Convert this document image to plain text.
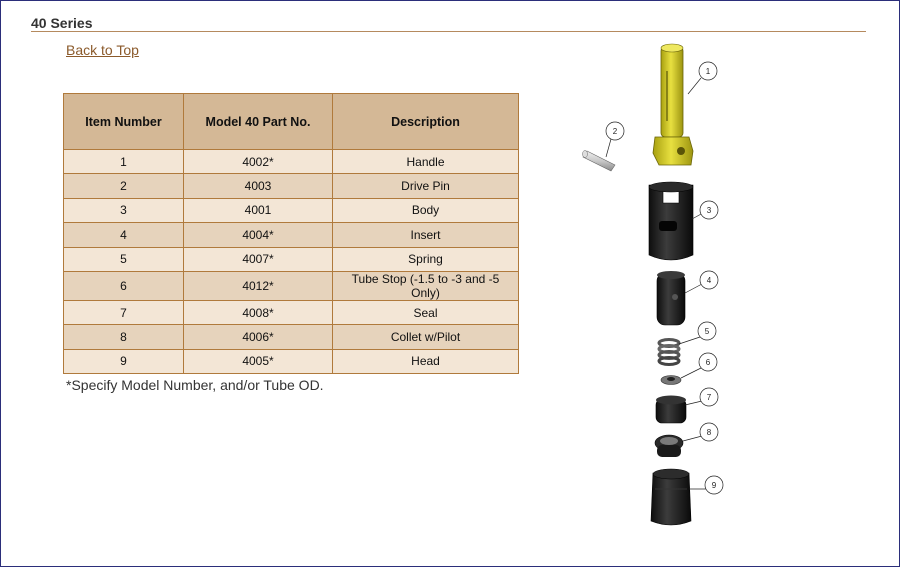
40 Series
Back to Top
Item Number	Model 40 Part No.	Description
1	4002*	Handle
2	4003	Drive Pin
3	4001	Body
4	4004*	Insert
5	4007*	Spring
6	4012*	Tube Stop (-1.5 to -3 and -5 Only)
7	4008*	Seal
8	4006*	Collet w/Pilot
9	4005*	Head
*Specify Model Number, and/or Tube OD.
1
2
3
4
5
6
7
8
9
